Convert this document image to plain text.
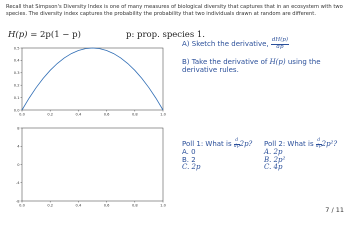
Recall that Simpson's Diversity Index is one of many measures of biological diversity that captures that in an ecosystem with two species. The diversity index captures the probability the probability that two individuals drawn at random are different.
H(p) = 2p(1 − p)	p: prop. species 1.
A) Sketch the derivative, $\frac{dH(p)}{dp}$
B) Take the derivative of H(p) using the derivative rules.
0.0	0.2	0.4	0.6	0.8	1.0
0.0
0.1
0.2
0.3
0.4
0.5
0.0	0.2	0.4	0.6	0.8	1.0
-8
-4
0
4
8
Poll 1: What is $\frac{d}{dp} 2p$?
A. 0
B. 2
C. 2p
Poll 2: What is $\frac{d}{dp} 2p^2$?
A. 2p
B. 2p²
C. 4p
7 / 11
